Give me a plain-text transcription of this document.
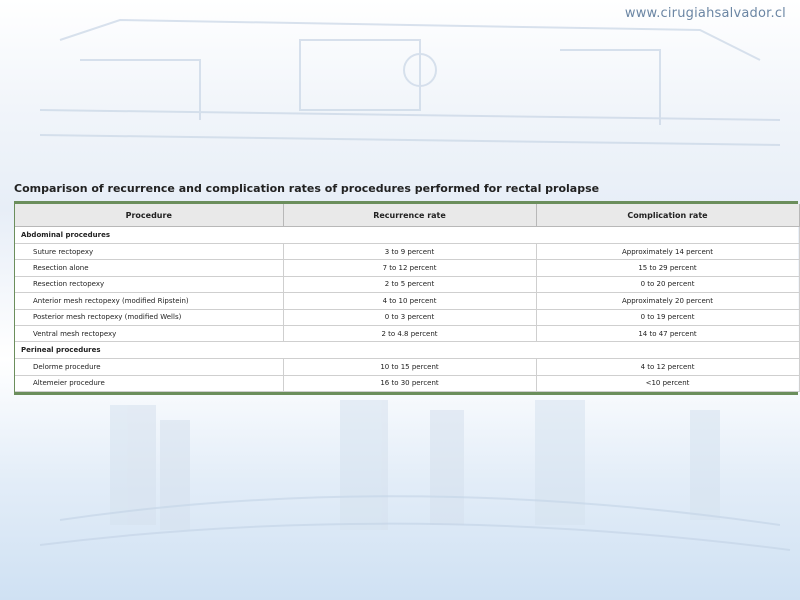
www.cirugiahsalvador.cl
Comparison of recurrence and complication rates of procedures performed for rectal prolapse
Procedure	Recurrence rate	Complication rate
Abdominal procedures		
Suture rectopexy	3 to 9 percent	Approximately 14 percent
Resection alone	7 to 12 percent	15 to 29 percent
Resection rectopexy	2 to 5 percent	0 to 20 percent
Anterior mesh rectopexy (modified Ripstein)	4 to 10 percent	Approximately 20 percent
Posterior mesh rectopexy (modified Wells)	0 to 3 percent	0 to 19 percent
Ventral mesh rectopexy	2 to 4.8 percent	14 to 47 percent
Perineal procedures		
Delorme procedure	10 to 15 percent	4 to 12 percent
Altemeier procedure	16 to 30 percent	<10 percent
